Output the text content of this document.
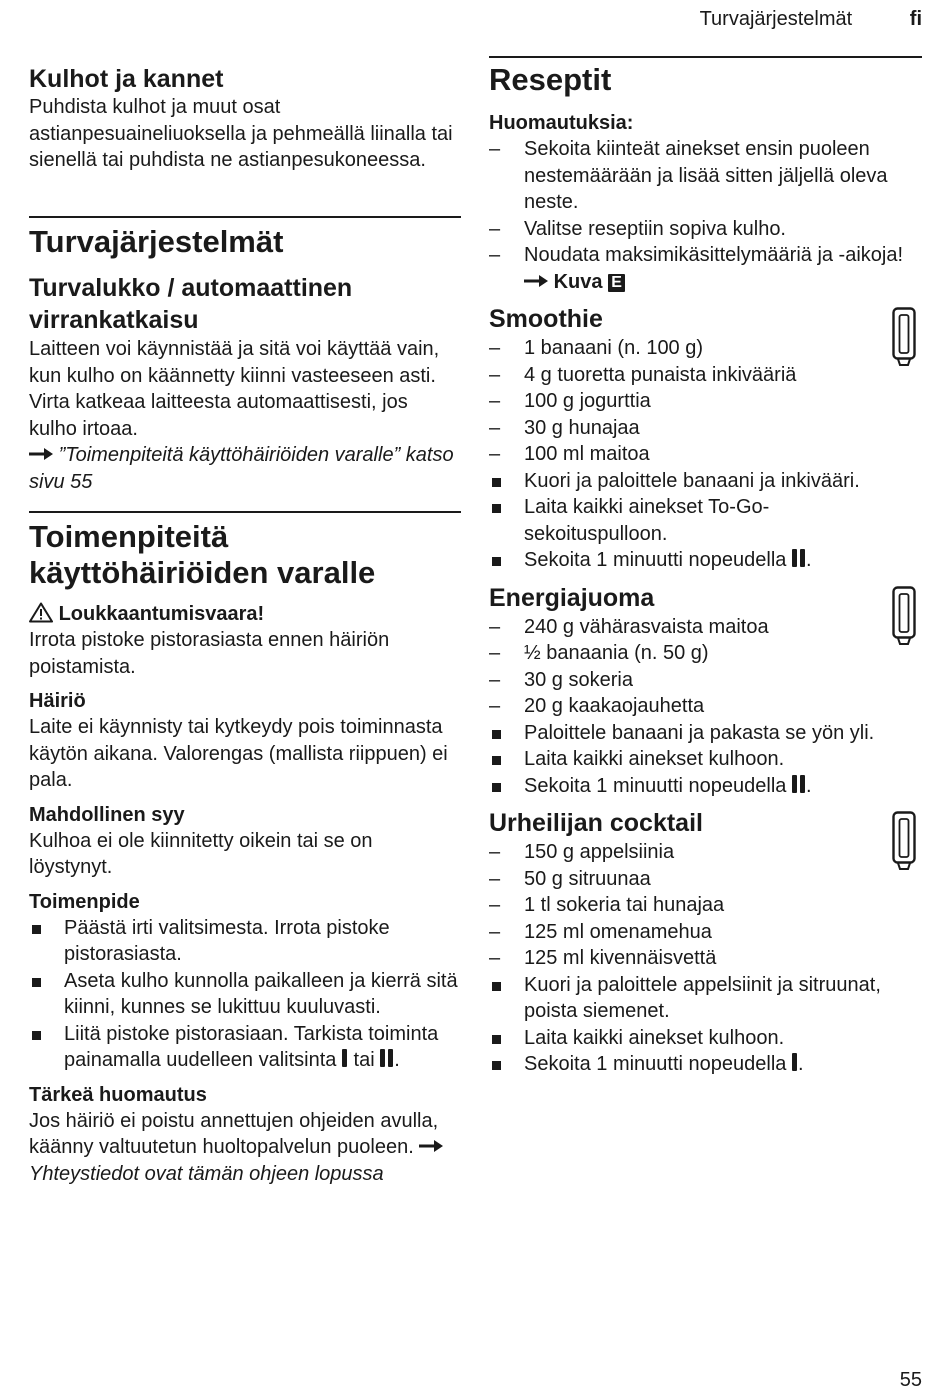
Turvajärjestelmät	fi
Kulhot ja kannet

Puhdista kulhot ja muut osat astianpesuaineliuoksella ja pehmeällä liinalla tai sienellä tai puhdista ne astianpesukoneessa.

Turvajärjestelmät
Turvalukko / automaattinen virrankatkaisu

Laitteen voi käynnistää ja sitä voi käyttää vain, kun kulho on käännetty kiinni vasteeseen asti. Virta katkeaa laitteesta automaattisesti, jos kulho irtoaa.

”Toimenpiteitä käyttöhäiriöiden varalle” katso sivu 55

Toimenpiteitä käyttöhäiriöiden varalle
Loukkaantumisvaara!

Irrota pistoke pistorasiasta ennen häiriön poistamista.

Häiriö

Laite ei käynnisty tai kytkeydy pois toiminnasta käytön aikana. Valorengas (mallista riippuen) ei pala.

Mahdollinen syy

Kulhoa ei ole kiinnitetty oikein tai se on löystynyt.

Toimenpide
Päästä irti valitsimesta. Irrota pistoke pistorasiasta.
Aseta kulho kunnolla paikalleen ja kierrä sitä kiinni, kunnes se lukittuu kuuluvasti.
Liitä pistoke pistorasiaan. Tarkista toiminta painamalla uudelleen valitsinta tai .
Tärkeä huomautus

Jos häiriö ei poistu annettujen ohjeiden avulla, käänny valtuutetun huoltopalvelun puoleen.  Yhteystiedot ovat tämän ohjeen lopussa

Reseptit
Huomautuksia:
– Sekoita kiinteät ainekset ensin puoleen nestemäärään ja lisää sitten jäljellä oleva neste.
– Valitse reseptiin sopiva kulho.
– Noudata maksimikäsittelymääriä ja -aikoja!  Kuva E
Smoothie
– 1 banaani (n. 100 g)
– 4 g tuoretta punaista inkivääriä
– 100 g jogurttia
– 30 g hunajaa
– 100 ml maitoa
Kuori ja paloittele banaani ja inkivääri.
Laita kaikki ainekset To-Go-sekoituspulloon.
Sekoita 1 minuutti nopeudella .
Energiajuoma
– 240 g vähärasvaista maitoa
– ½ banaania (n. 50 g)
– 30 g sokeria
– 20 g kaakaojauhetta
Paloittele banaani ja pakasta se yön yli.
Laita kaikki ainekset kulhoon.
Sekoita 1 minuutti nopeudella .
Urheilijan cocktail
– 150 g appelsiinia
– 50 g sitruunaa
– 1 tl sokeria tai hunajaa
– 125 ml omenamehua
– 125 ml kivennäisvettä
Kuori ja paloittele appelsiinit ja sitruunat, poista siemenet.
Laita kaikki ainekset kulhoon.
Sekoita 1 minuutti nopeudella .
55
